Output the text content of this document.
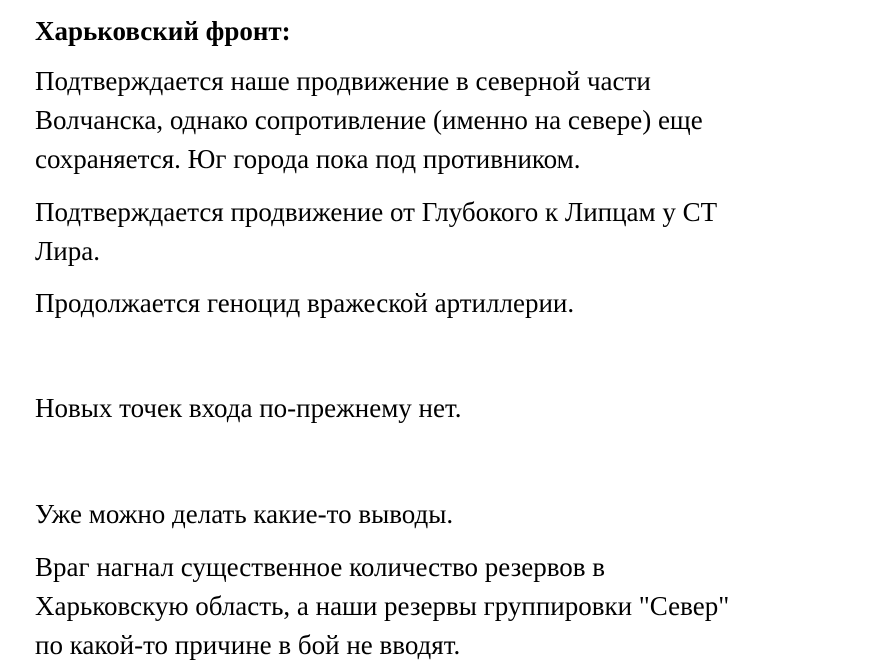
Харьковский фронт:

Подтверждается наше продвижение в северной части
Волчанска, однако сопротивление (именно на севере) еще
сохраняется. Юг города пока под противником.

Подтверждается продвижение от Глубокого к Липцам у СТ
Лира.

Продолжается геноцид вражеской артиллерии.

Новых точек входа по-прежнему нет.

Уже можно делать какие-то выводы.

Враг нагнал существенное количество резервов в
Харьковскую область, а наши резервы группировки "Север"
по какой-то причине в бой не вводят.
